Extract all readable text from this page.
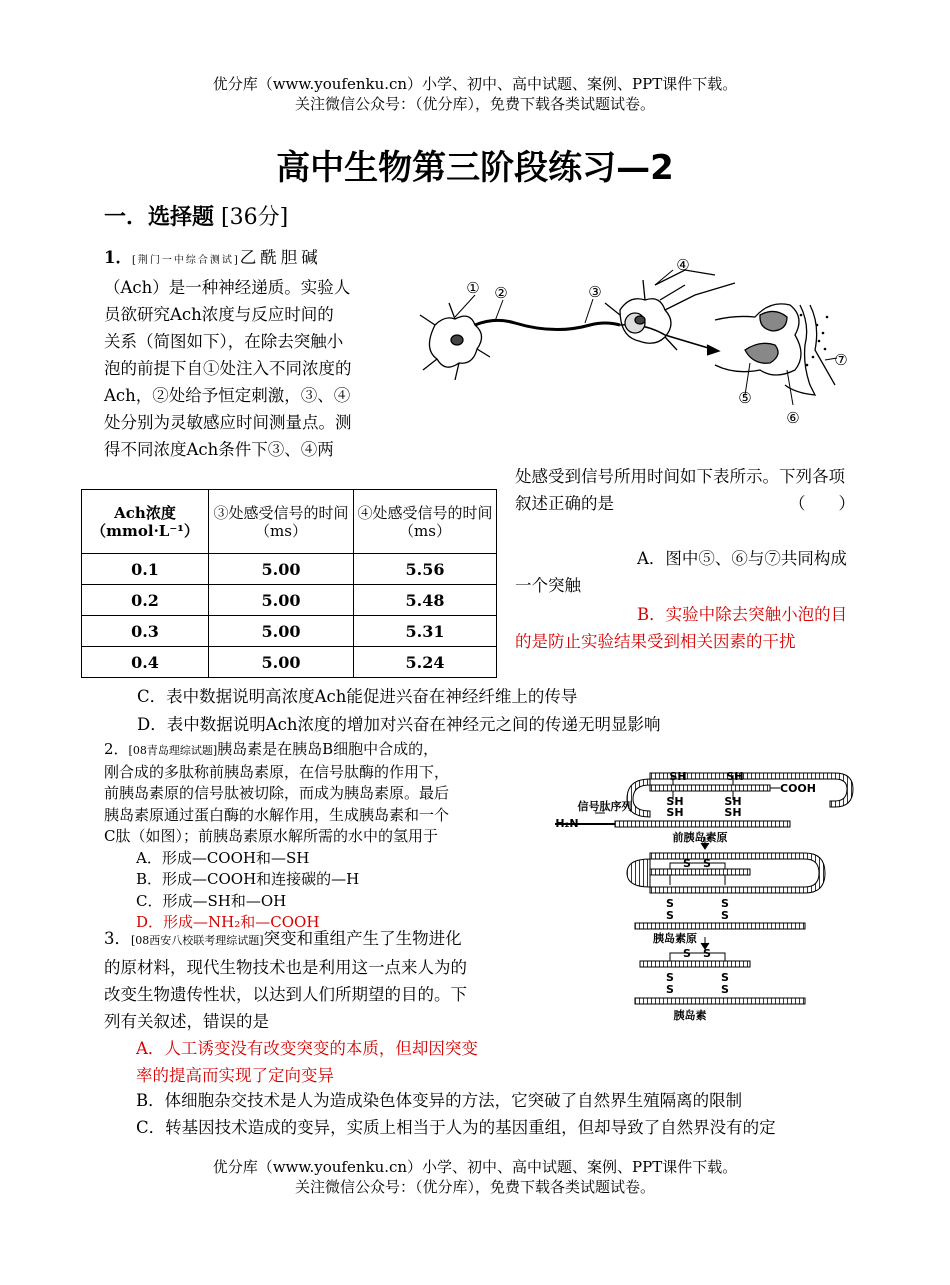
优分库（www.youfenku.cn）小学、初中、高中试题、案例、PPT课件下载。
关注微信公众号：（优分库），免费下载各类试题试卷。
高中生物第三阶段练习—2
一．选择题 [36分]
1．[荆门一中综合测试]乙酰胆碱
（Ach）是一种神经递质。实验人
员欲研究Ach浓度与反应时间的
关系（简图如下），在除去突触小
泡的前提下自①处注入不同浓度的
Ach，②处给予恒定刺激，③、④
处分别为灵敏感应时间测量点。测
得不同浓度Ach条件下③、④两
① ②	③
④
⑤
⑥
⑦
处感受到信号所用时间如下表所示。下列各项叙述正确的是	（　　）
Ach浓度（mmol·L⁻¹）	③处感受信号的时间（ms）	④处感受信号的时间（ms）
0.1	5.00	5.56
0.2	5.00	5.48
0.3	5.00	5.31
0.4	5.00	5.24
A．图中⑤、⑥与⑦共同构成一个突触
B．实验中除去突触小泡的目的是防止实验结果受到相关因素的干扰
C．表中数据说明高浓度Ach能促进兴奋在神经纤维上的传导
D．表中数据说明Ach浓度的增加对兴奋在神经元之间的传递无明显影响
2．[08青岛理综试题]胰岛素是在胰岛B细胞中合成的，
刚合成的多肽称前胰岛素原，在信号肽酶的作用下，
前胰岛素原的信号肽被切除，而成为胰岛素原。最后
胰岛素原通过蛋白酶的水解作用，生成胰岛素和一个
C肽（如图）；前胰岛素原水解所需的水中的氢用于
A．形成—COOH和—SH
B．形成—COOH和连接碳的—H
C．形成—SH和—OH
D．形成—NH₂和—COOH
SH	SH
COOH
SH	SH
SH	SH
H₂N
信号肽序列
前胰岛素原
S S
S	S
S	S
胰岛素原
S S
S	S
S	S
胰岛素
3．[08西安八校联考理综试题]突变和重组产生了生物进化
的原材料，现代生物技术也是利用这一点来人为的
改变生物遗传性状，以达到人们所期望的目的。下
列有关叙述，错误的是
A．人工诱变没有改变突变的本质，但却因突变
率的提高而实现了定向变异
B．体细胞杂交技术是人为造成染色体变异的方法，它突破了自然界生殖隔离的限制
C．转基因技术造成的变异，实质上相当于人为的基因重组，但却导致了自然界没有的定
优分库（www.youfenku.cn）小学、初中、高中试题、案例、PPT课件下载。
关注微信公众号：（优分库），免费下载各类试题试卷。
